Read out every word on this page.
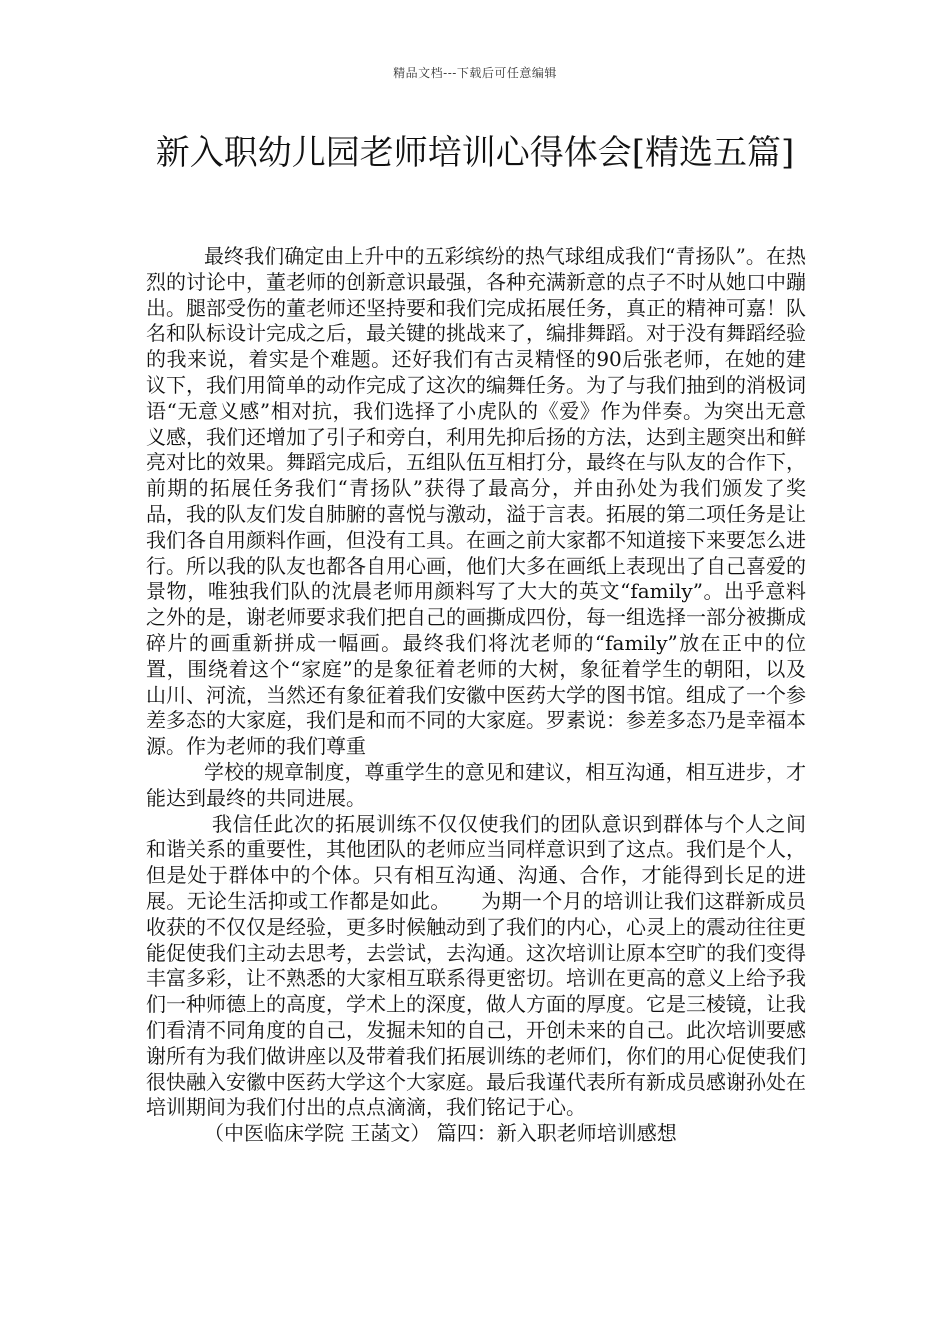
精品文档---下载后可任意编辑
新入职幼儿园老师培训心得体会[精选五篇]

最终我们确定由上升中的五彩缤纷的热气球组成我们“青扬队”。在热烈的讨论中，董老师的创新意识最强，各种充满新意的点子不时从她口中蹦出。腿部受伤的董老师还坚持要和我们完成拓展任务，真正的精神可嘉！队名和队标设计完成之后，最关键的挑战来了，编排舞蹈。对于没有舞蹈经验的我来说，着实是个难题。还好我们有古灵精怪的90后张老师，在她的建议下，我们用简单的动作完成了这次的编舞任务。为了与我们抽到的消极词语“无意义感”相对抗，我们选择了小虎队的《爱》作为伴奏。为突出无意义感，我们还增加了引子和旁白，利用先抑后扬的方法，达到主题突出和鲜亮对比的效果。舞蹈完成后，五组队伍互相打分，最终在与队友的合作下，前期的拓展任务我们“青扬队”获得了最高分，并由孙处为我们颁发了奖品，我的队友们发自肺腑的喜悦与激动，溢于言表。拓展的第二项任务是让我们各自用颜料作画，但没有工具。在画之前大家都不知道接下来要怎么进行。所以我的队友也都各自用心画，他们大多在画纸上表现出了自己喜爱的景物，唯独我们队的沈晨老师用颜料写了大大的英文“family”。出乎意料之外的是，谢老师要求我们把自己的画撕成四份，每一组选择一部分被撕成碎片的画重新拼成一幅画。最终我们将沈老师的“family”放在正中的位置，围绕着这个“家庭”的是象征着老师的大树，象征着学生的朝阳，以及山川、河流，当然还有象征着我们安徽中医药大学的图书馆。组成了一个参差多态的大家庭，我们是和而不同的大家庭。罗素说：参差多态乃是幸福本源。作为老师的我们尊重

学校的规章制度，尊重学生的意见和建议，相互沟通，相互进步，才能达到最终的共同进展。

我信任此次的拓展训练不仅仅使我们的团队意识到群体与个人之间和谐关系的重要性，其他团队的老师应当同样意识到了这点。我们是个人，但是处于群体中的个体。只有相互沟通、沟通、合作，才能得到长足的进展。无论生活抑或工作都是如此。　　为期一个月的培训让我们这群新成员收获的不仅仅是经验，更多时候触动到了我们的内心，心灵上的震动往往更能促使我们主动去思考，去尝试，去沟通。这次培训让原本空旷的我们变得丰富多彩，让不熟悉的大家相互联系得更密切。培训在更高的意义上给予我们一种师德上的高度，学术上的深度，做人方面的厚度。它是三棱镜，让我们看清不同角度的自己，发掘未知的自己，开创未来的自己。此次培训要感谢所有为我们做讲座以及带着我们拓展训练的老师们，你们的用心促使我们很快融入安徽中医药大学这个大家庭。最后我谨代表所有新成员感谢孙处在培训期间为我们付出的点点滴滴，我们铭记于心。

（中医临床学院 王菡文） 篇四：新入职老师培训感想
